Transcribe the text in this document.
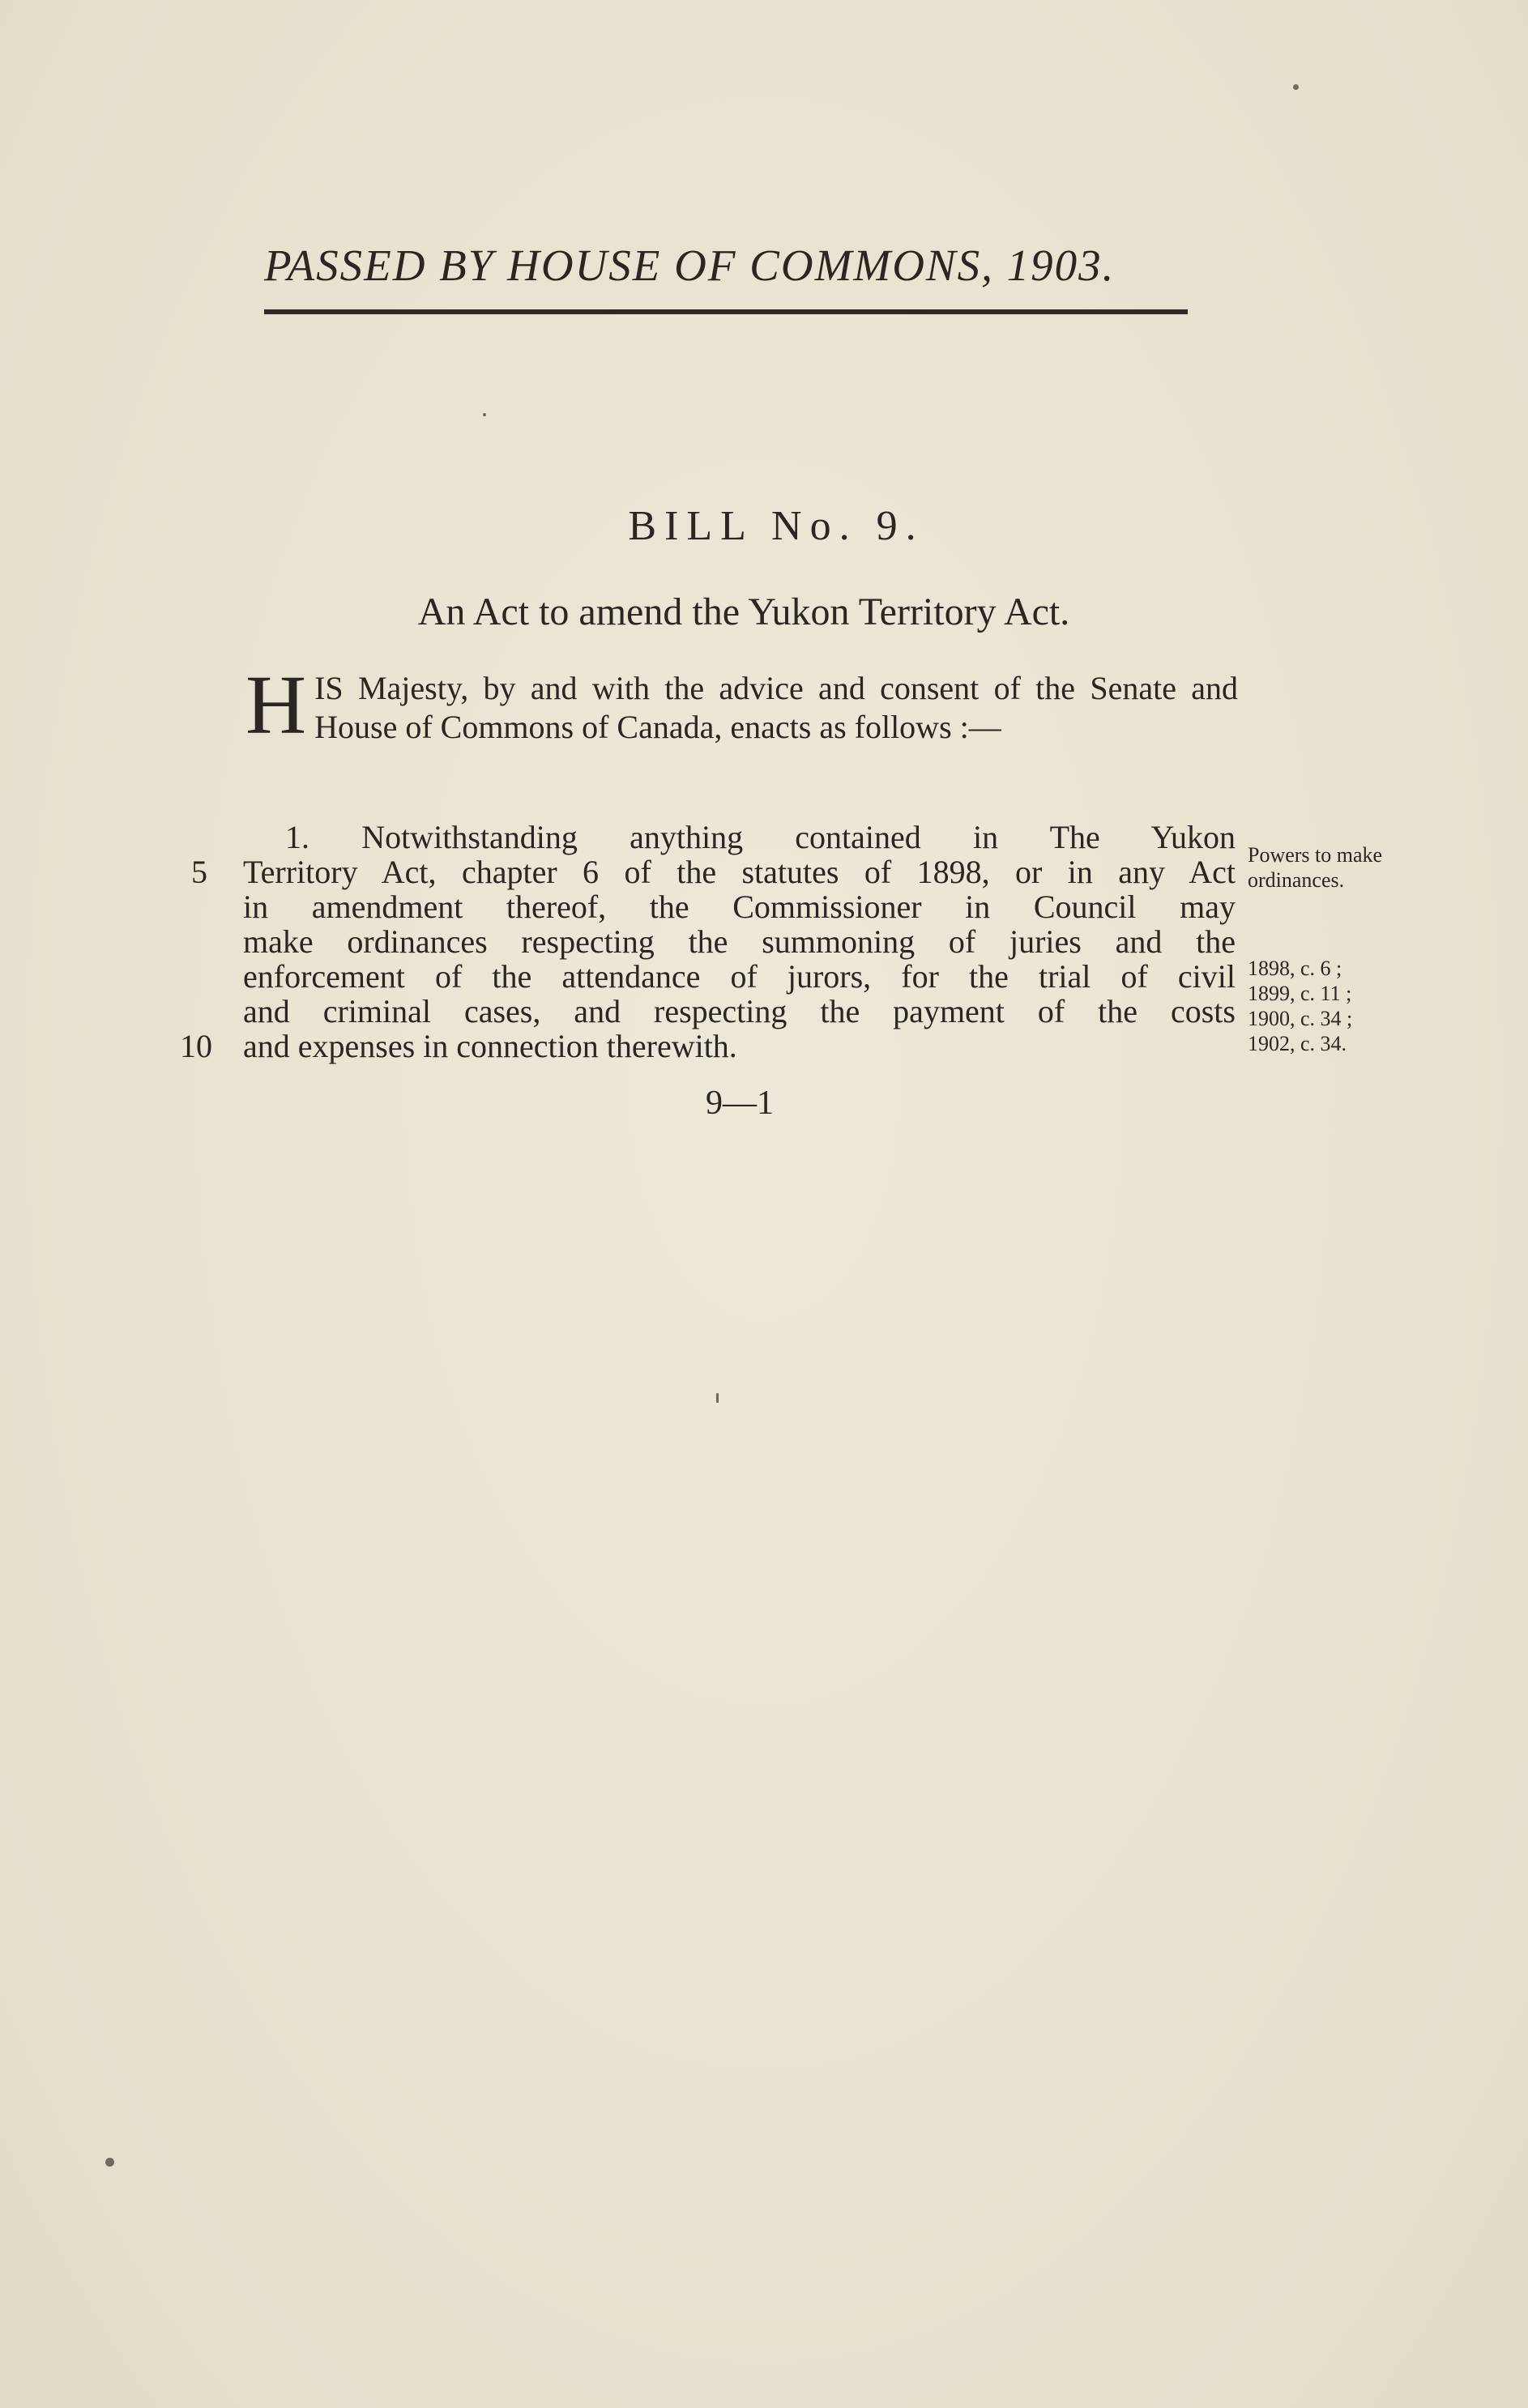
PASSED BY HOUSE OF COMMONS, 1903.
BILL No. 9.
An Act to amend the Yukon Territory Act.
H IS Majesty, by and with the advice and consent of the Senate and House of Commons of Canada, enacts as follows :—
1. Notwithstanding anything contained in The Yukon
Territory Act, chapter 6 of the statutes of 1898, or in any Act
in amendment thereof, the Commissioner in Council may
make ordinances respecting the summoning of juries and the
enforcement of the attendance of jurors, for the trial of civil
and criminal cases, and respecting the payment of the costs
and expenses in connection therewith.
5
10
Powers to make ordinances.
1898, c. 6 ; 1899, c. 11 ; 1900, c. 34 ; 1902, c. 34.
9—1
